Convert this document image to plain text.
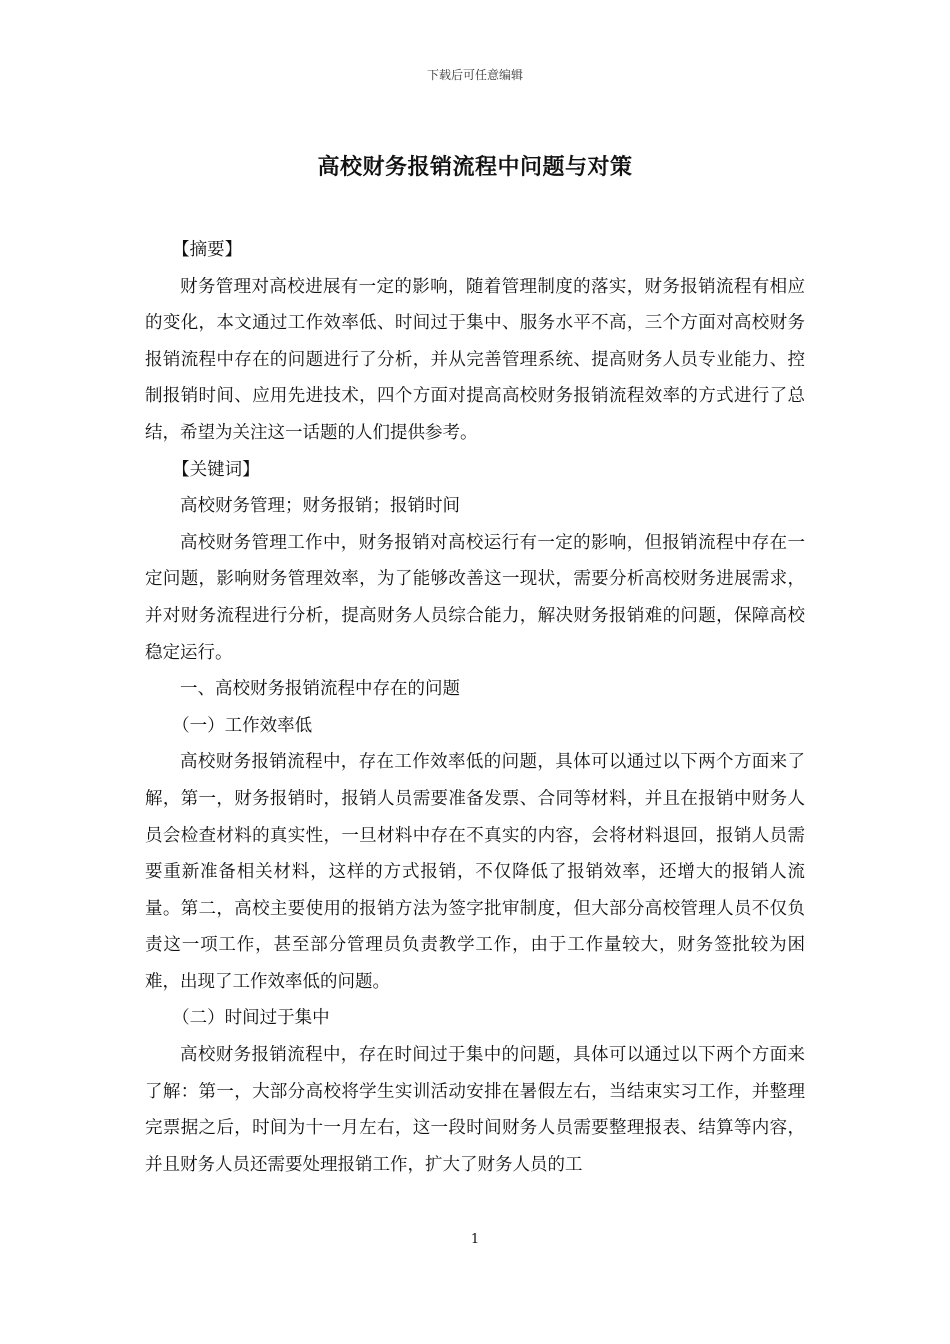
下载后可任意编辑
高校财务报销流程中问题与对策

【摘要】

财务管理对高校进展有一定的影响，随着管理制度的落实，财务报销流程有相应的变化，本文通过工作效率低、时间过于集中、服务水平不高，三个方面对高校财务报销流程中存在的问题进行了分析，并从完善管理系统、提高财务人员专业能力、控制报销时间、应用先进技术，四个方面对提高高校财务报销流程效率的方式进行了总结，希望为关注这一话题的人们提供参考。

【关键词】

高校财务管理；财务报销；报销时间

高校财务管理工作中，财务报销对高校运行有一定的影响，但报销流程中存在一定问题，影响财务管理效率，为了能够改善这一现状，需要分析高校财务进展需求，并对财务流程进行分析，提高财务人员综合能力，解决财务报销难的问题，保障高校稳定运行。

一、高校财务报销流程中存在的问题

（一）工作效率低

高校财务报销流程中，存在工作效率低的问题，具体可以通过以下两个方面来了解，第一，财务报销时，报销人员需要准备发票、合同等材料，并且在报销中财务人员会检查材料的真实性，一旦材料中存在不真实的内容，会将材料退回，报销人员需要重新准备相关材料，这样的方式报销，不仅降低了报销效率，还增大的报销人流量。第二，高校主要使用的报销方法为签字批审制度，但大部分高校管理人员不仅负责这一项工作，甚至部分管理员负责教学工作，由于工作量较大，财务签批较为困难，出现了工作效率低的问题。

（二）时间过于集中

高校财务报销流程中，存在时间过于集中的问题，具体可以通过以下两个方面来了解：第一，大部分高校将学生实训活动安排在暑假左右，当结束实习工作，并整理完票据之后，时间为十一月左右，这一段时间财务人员需要整理报表、结算等内容，并且财务人员还需要处理报销工作，扩大了财务人员的工

1
